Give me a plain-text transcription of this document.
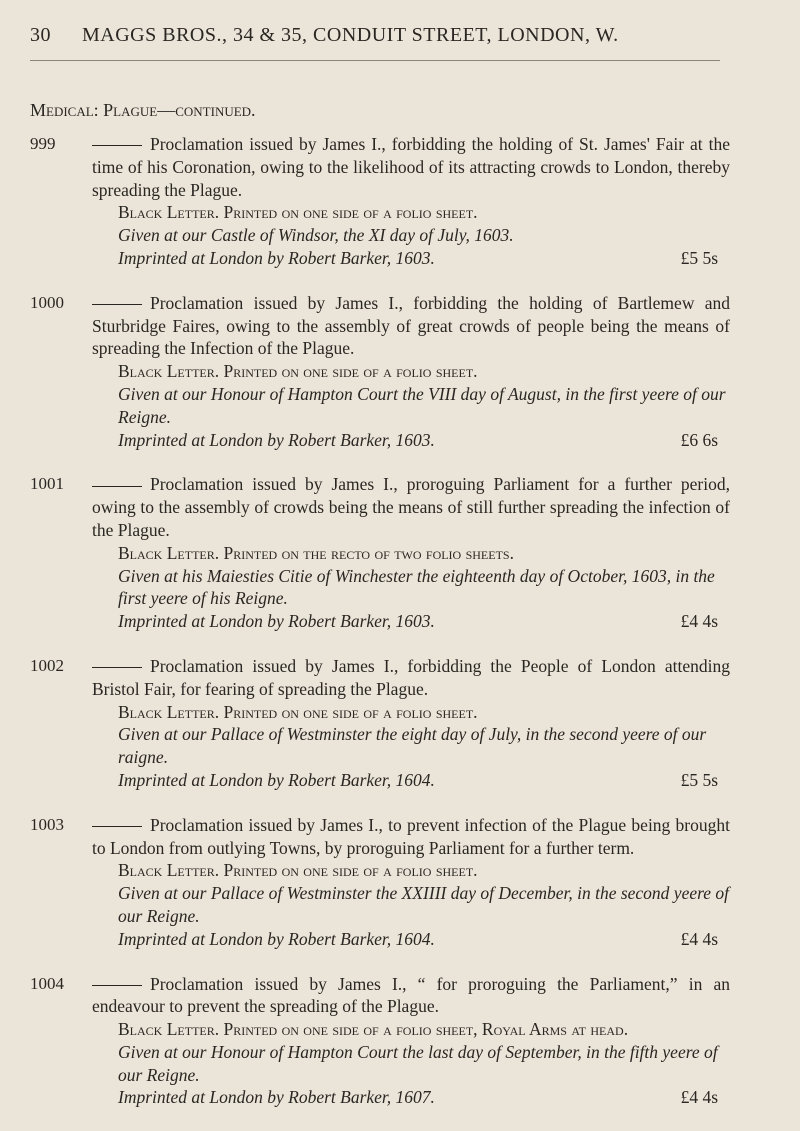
30	MAGGS BROS., 34 & 35, CONDUIT STREET, LONDON, W.
Medical: Plague—continued.
999	Proclamation issued by James I., forbidding the holding of St. James' Fair at the time of his Coronation, owing to the likelihood of its attracting crowds to London, thereby spreading the Plague.
Black Letter. Printed on one side of a folio sheet.
Given at our Castle of Windsor, the XI day of July, 1603.
Imprinted at London by Robert Barker, 1603.	£5 5s
1000	Proclamation issued by James I., forbidding the holding of Bartlemew and Sturbridge Faires, owing to the assembly of great crowds of people being the means of spreading the Infection of the Plague.
Black Letter. Printed on one side of a folio sheet.
Given at our Honour of Hampton Court the VIII day of August, in the first yeere of our Reigne.
Imprinted at London by Robert Barker, 1603.	£6 6s
1001	Proclamation issued by James I., proroguing Parliament for a further period, owing to the assembly of crowds being the means of still further spreading the infection of the Plague.
Black Letter. Printed on the recto of two folio sheets.
Given at his Maiesties Citie of Winchester the eighteenth day of October, 1603, in the first yeere of his Reigne.
Imprinted at London by Robert Barker, 1603.	£4 4s
1002	Proclamation issued by James I., forbidding the People of London attending Bristol Fair, for fearing of spreading the Plague.
Black Letter. Printed on one side of a folio sheet.
Given at our Pallace of Westminster the eight day of July, in the second yeere of our raigne.
Imprinted at London by Robert Barker, 1604.	£5 5s
1003	Proclamation issued by James I., to prevent infection of the Plague being brought to London from outlying Towns, by proroguing Parliament for a further term.
Black Letter. Printed on one side of a folio sheet.
Given at our Pallace of Westminster the XXIIII day of December, in the second yeere of our Reigne.
Imprinted at London by Robert Barker, 1604.	£4 4s
1004	Proclamation issued by James I., “ for proroguing the Parliament,” in an endeavour to prevent the spreading of the Plague.
Black Letter. Printed on one side of a folio sheet, Royal Arms at head.
Given at our Honour of Hampton Court the last day of September, in the fifth yeere of our Reigne.
Imprinted at London by Robert Barker, 1607.	£4 4s
